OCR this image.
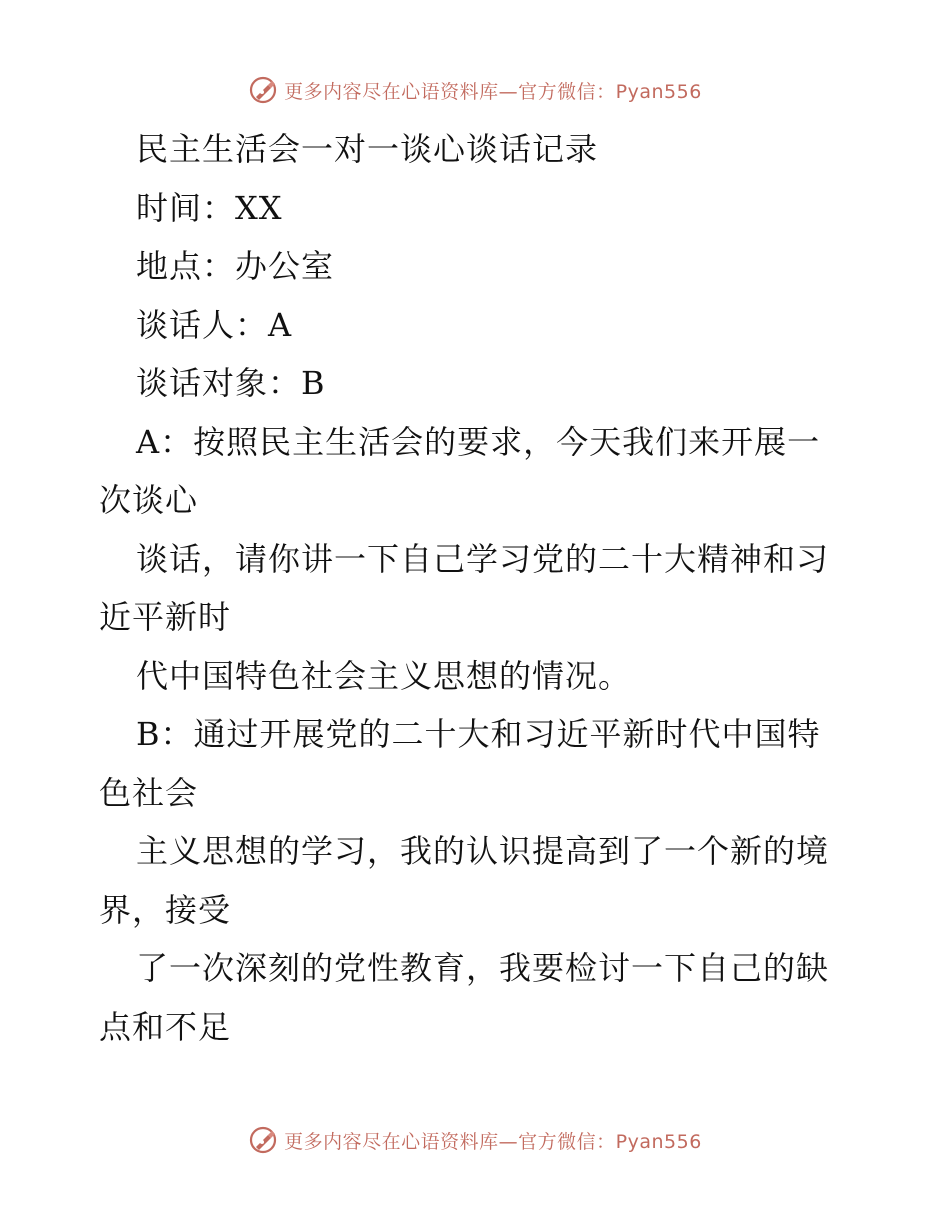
更多内容尽在心语资料库—官方微信：Pyan556
民主生活会一对一谈心谈话记录
时间：XX
地点：办公室
谈话人：A
谈话对象：B
A：按照民主生活会的要求，今天我们来开展一
次谈心
谈话，请你讲一下自己学习党的二十大精神和习
近平新时
代中国特色社会主义思想的情况。
B：通过开展党的二十大和习近平新时代中国特
色社会
主义思想的学习，我的认识提高到了一个新的境
界，接受
了一次深刻的党性教育，我要检讨一下自己的缺
点和不足
更多内容尽在心语资料库—官方微信：Pyan556
